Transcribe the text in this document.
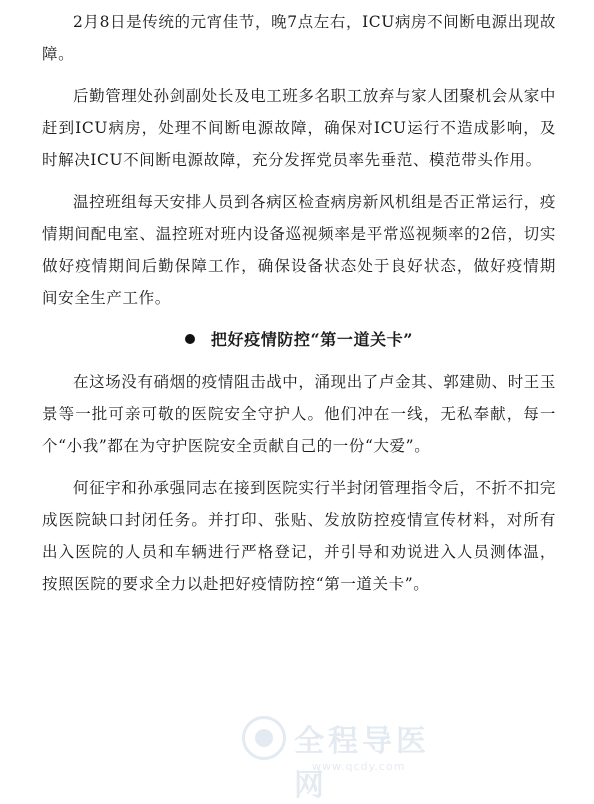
2月8日是传统的元宵佳节，晚7点左右，ICU病房不间断电源出现故障。

后勤管理处孙剑副处长及电工班多名职工放弃与家人团聚机会从家中赶到ICU病房，处理不间断电源故障，确保对ICU运行不造成影响，及时解决ICU不间断电源故障，充分发挥党员率先垂范、模范带头作用。

温控班组每天安排人员到各病区检查病房新风机组是否正常运行，疫情期间配电室、温控班对班内设备巡视频率是平常巡视频率的2倍，切实做好疫情期间后勤保障工作，确保设备状态处于良好状态，做好疫情期间安全生产工作。

把好疫情防控“第一道关卡”

在这场没有硝烟的疫情阻击战中，涌现出了卢金其、郭建勋、时王玉景等一批可亲可敬的医院安全守护人。他们冲在一线，无私奉献，每一个“小我”都在为守护医院安全贡献自己的一份“大爱”。

何征宇和孙承强同志在接到医院实行半封闭管理指令后，不折不扣完成医院缺口封闭任务。并打印、张贴、发放防控疫情宣传材料，对所有出入医院的人员和车辆进行严格登记，并引导和劝说进入人员测体温，按照医院的要求全力以赴把好疫情防控“第一道关卡”。

全程导医网
www.qcdy.com
